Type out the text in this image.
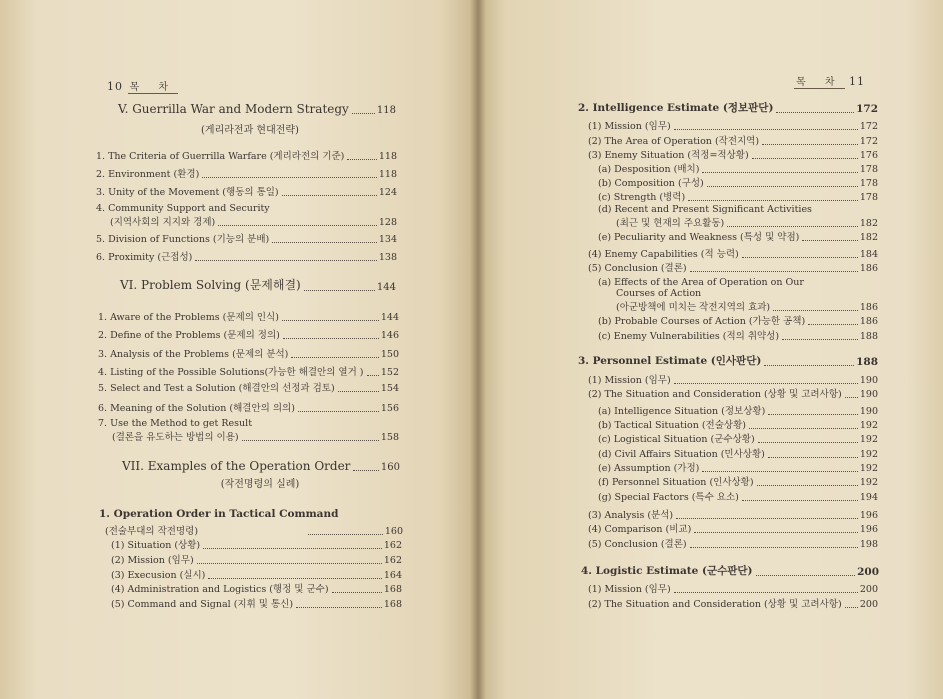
10 목 차
V. Guerrilla War and Modern Strategy	118
(게리라전과 현대전략)
1. The Criteria of Guerrilla Warfare (게리라전의 기준)	118
2. Environment (환경)	118
3. Unity of the Movement (행동의 통일)	124
4. Community Support and Security
(지역사회의 지지와 경제)	128
5. Division of Functions (기능의 분배)	134
6. Proximity (근접성)	138
VI. Problem Solving (문제해결)	144
1. Aware of the Problems (문제의 인식)	144
2. Define of the Problems (문제의 정의)	146
3. Analysis of the Problems (문제의 분석)	150
4. Listing of the Possible Solutions(가능한 해결안의 열거 ) 152
5. Select and Test a Solution (해결안의 선정과 검토)	154
6. Meaning of the Solution (해결안의 의의)	156
7. Use the Method to get Result
(결론을 유도하는 방법의 이용)	158
VII. Examples of the Operation Order	160
(작전명령의 실례)
1. Operation Order in Tactical Command
(전술부대의 작전명령)	160
(1) Situation (상황)	162
(2) Mission (임무)	162
(3) Execusion (실시)	164
(4) Administration and Logistics (행정 및 군수)	168
(5) Command and Signal (지휘 및 통신)	168
목 차 11
2. Intelligence Estimate (정보판단)	172
(1) Mission (임무)	172
(2) The Area of Operation (작전지역)	172
(3) Enemy Situation (적정=적상황)	176
(a) Desposition (배치)	178
(b) Composition (구성)	178
(c) Strength (병력)	178
(d) Recent and Present Significant Activities
(최근 및 현재의 주요활동)	182
(e) Peculiarity and Weakness (특성 및 약점)	182
(4) Enemy Capabilities (적 능력)	184
(5) Conclusion (결론)	186
(a) Effects of the Area of Operation on Our
Courses of Action
(아군방책에 미치는 작전지역의 효과)	186
(b) Probable Courses of Action (가능한 공책)	186
(c) Enemy Vulnerabilities (적의 취약성)	188
3. Personnel Estimate (인사판단)	188
(1) Mission (임무)	190
(2) The Situation and Consideration (상황 및 고려사항) 190
(a) Intelligence Situation (정보상황)	190
(b) Tactical Situation (전술상황)	192
(c) Logistical Situation (군수상황)	192
(d) Civil Affairs Situation (민사상황)	192
(e) Assumption (가정)	192
(f) Personnel Situation (인사상황)	192
(g) Special Factors (특수 요소)	194
(3) Analysis (분석)	196
(4) Comparison (비교)	196
(5) Conclusion (결론)	198
4. Logistic Estimate (군수판단)	200
(1) Mission (임무)	200
(2) The Situation and Consideration (상황 및 고려사항) 200
